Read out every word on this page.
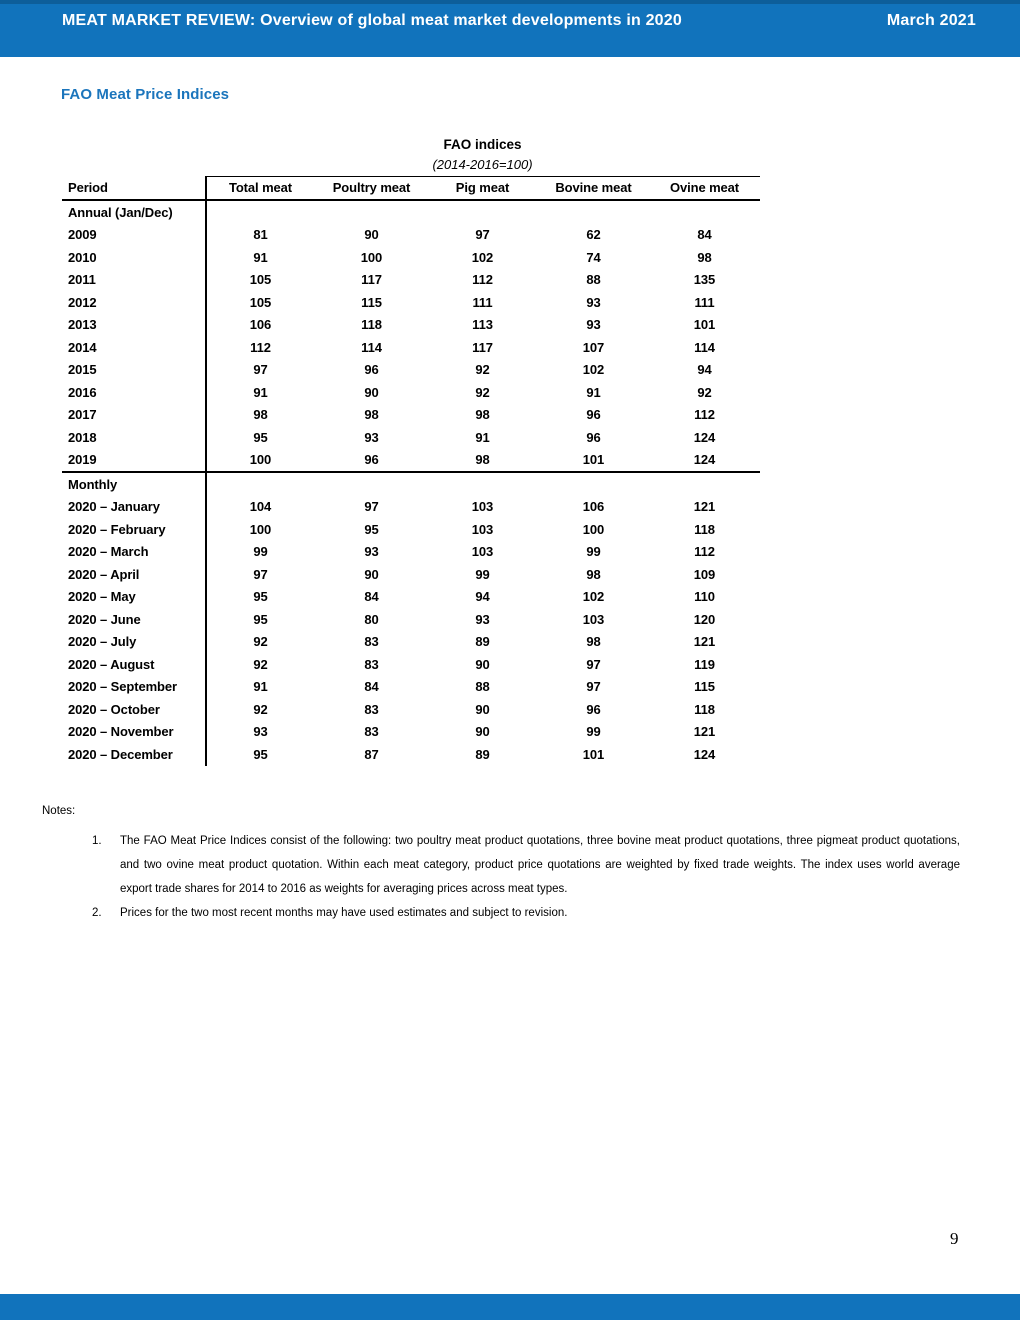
MEAT MARKET REVIEW: Overview of global meat market developments in 2020	March 2021
FAO Meat Price Indices
FAO indices
(2014-2016=100)
Period	Total meat	Poultry meat	Pig meat	Bovine meat	Ovine meat
Annual (Jan/Dec)
2009	81	90	97	62	84
2010	91	100	102	74	98
2011	105	117	112	88	135
2012	105	115	111	93	111
2013	106	118	113	93	101
2014	112	114	117	107	114
2015	97	96	92	102	94
2016	91	90	92	91	92
2017	98	98	98	96	112
2018	95	93	91	96	124
2019	100	96	98	101	124
Monthly
2020 – January	104	97	103	106	121
2020 – February	100	95	103	100	118
2020 – March	99	93	103	99	112
2020 – April	97	90	99	98	109
2020 – May	95	84	94	102	110
2020 – June	95	80	93	103	120
2020 – July	92	83	89	98	121
2020 – August	92	83	90	97	119
2020 – September	91	84	88	97	115
2020 – October	92	83	90	96	118
2020 – November	93	83	90	99	121
2020 – December	95	87	89	101	124
Notes:
1.	The FAO Meat Price Indices consist of the following: two poultry meat product quotations, three bovine meat product quotations, three pigmeat product quotations, and two ovine meat product quotation. Within each meat category, product price quotations are weighted by fixed trade weights. The index uses world average export trade shares for 2014 to 2016 as weights for averaging prices across meat types.
2.	Prices for the two most recent months may have used estimates and subject to revision.
9
